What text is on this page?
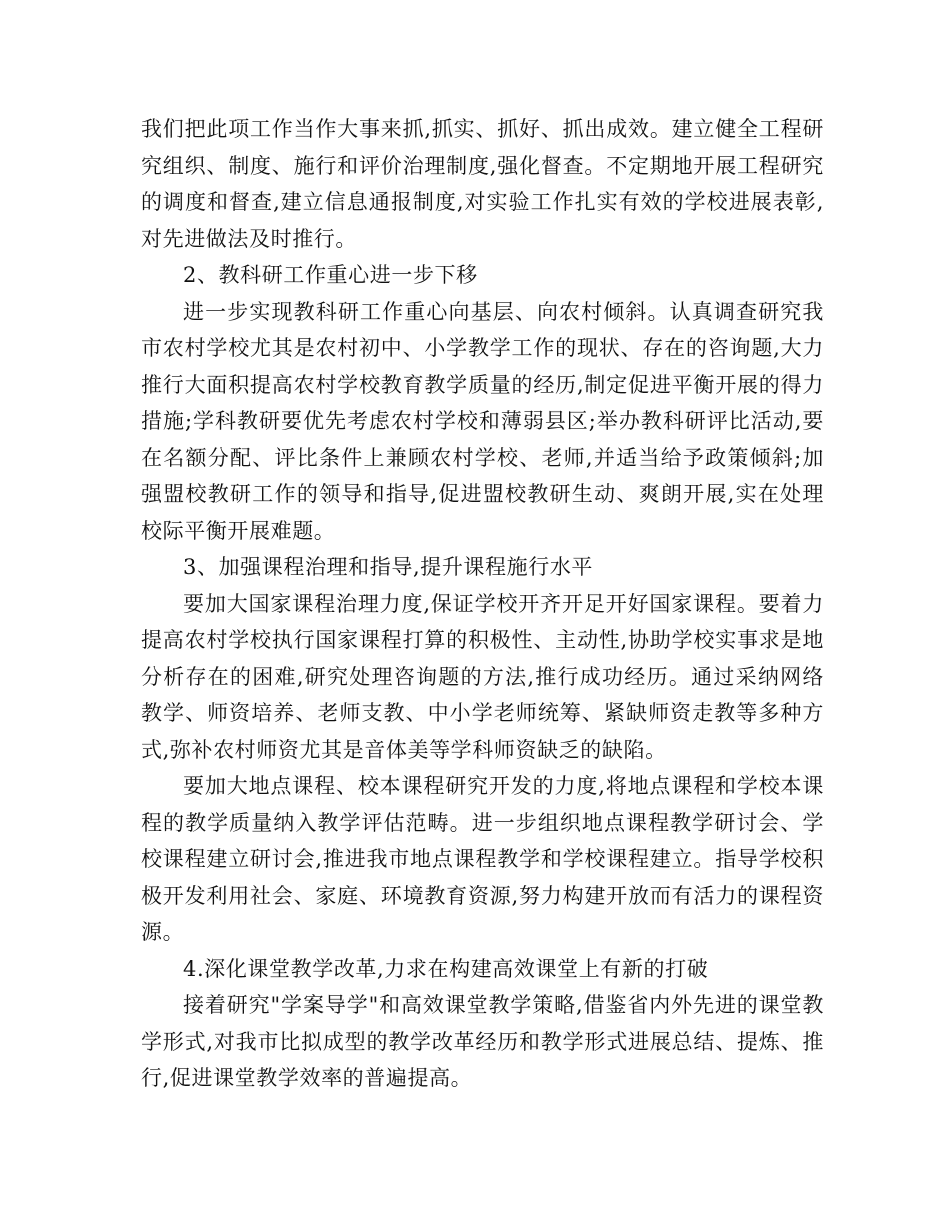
我们把此项工作当作大事来抓,抓实、抓好、抓出成效。建立健全工程研究组织、制度、施行和评价治理制度,强化督查。不定期地开展工程研究的调度和督查,建立信息通报制度,对实验工作扎实有效的学校进展表彰,对先进做法及时推行。

2、教科研工作重心进一步下移

进一步实现教科研工作重心向基层、向农村倾斜。认真调查研究我市农村学校尤其是农村初中、小学教学工作的现状、存在的咨询题,大力推行大面积提高农村学校教育教学质量的经历,制定促进平衡开展的得力措施;学科教研要优先考虑农村学校和薄弱县区;举办教科研评比活动,要在名额分配、评比条件上兼顾农村学校、老师,并适当给予政策倾斜;加强盟校教研工作的领导和指导,促进盟校教研生动、爽朗开展,实在处理校际平衡开展难题。

3、加强课程治理和指导,提升课程施行水平

要加大国家课程治理力度,保证学校开齐开足开好国家课程。要着力提高农村学校执行国家课程打算的积极性、主动性,协助学校实事求是地分析存在的困难,研究处理咨询题的方法,推行成功经历。通过采纳网络教学、师资培养、老师支教、中小学老师统筹、紧缺师资走教等多种方式,弥补农村师资尤其是音体美等学科师资缺乏的缺陷。

要加大地点课程、校本课程研究开发的力度,将地点课程和学校本课程的教学质量纳入教学评估范畴。进一步组织地点课程教学研讨会、学校课程建立研讨会,推进我市地点课程教学和学校课程建立。指导学校积极开发利用社会、家庭、环境教育资源,努力构建开放而有活力的课程资源。

4.深化课堂教学改革,力求在构建高效课堂上有新的打破

接着研究"学案导学"和高效课堂教学策略,借鉴省内外先进的课堂教学形式,对我市比拟成型的教学改革经历和教学形式进展总结、提炼、推行,促进课堂教学效率的普遍提高。
